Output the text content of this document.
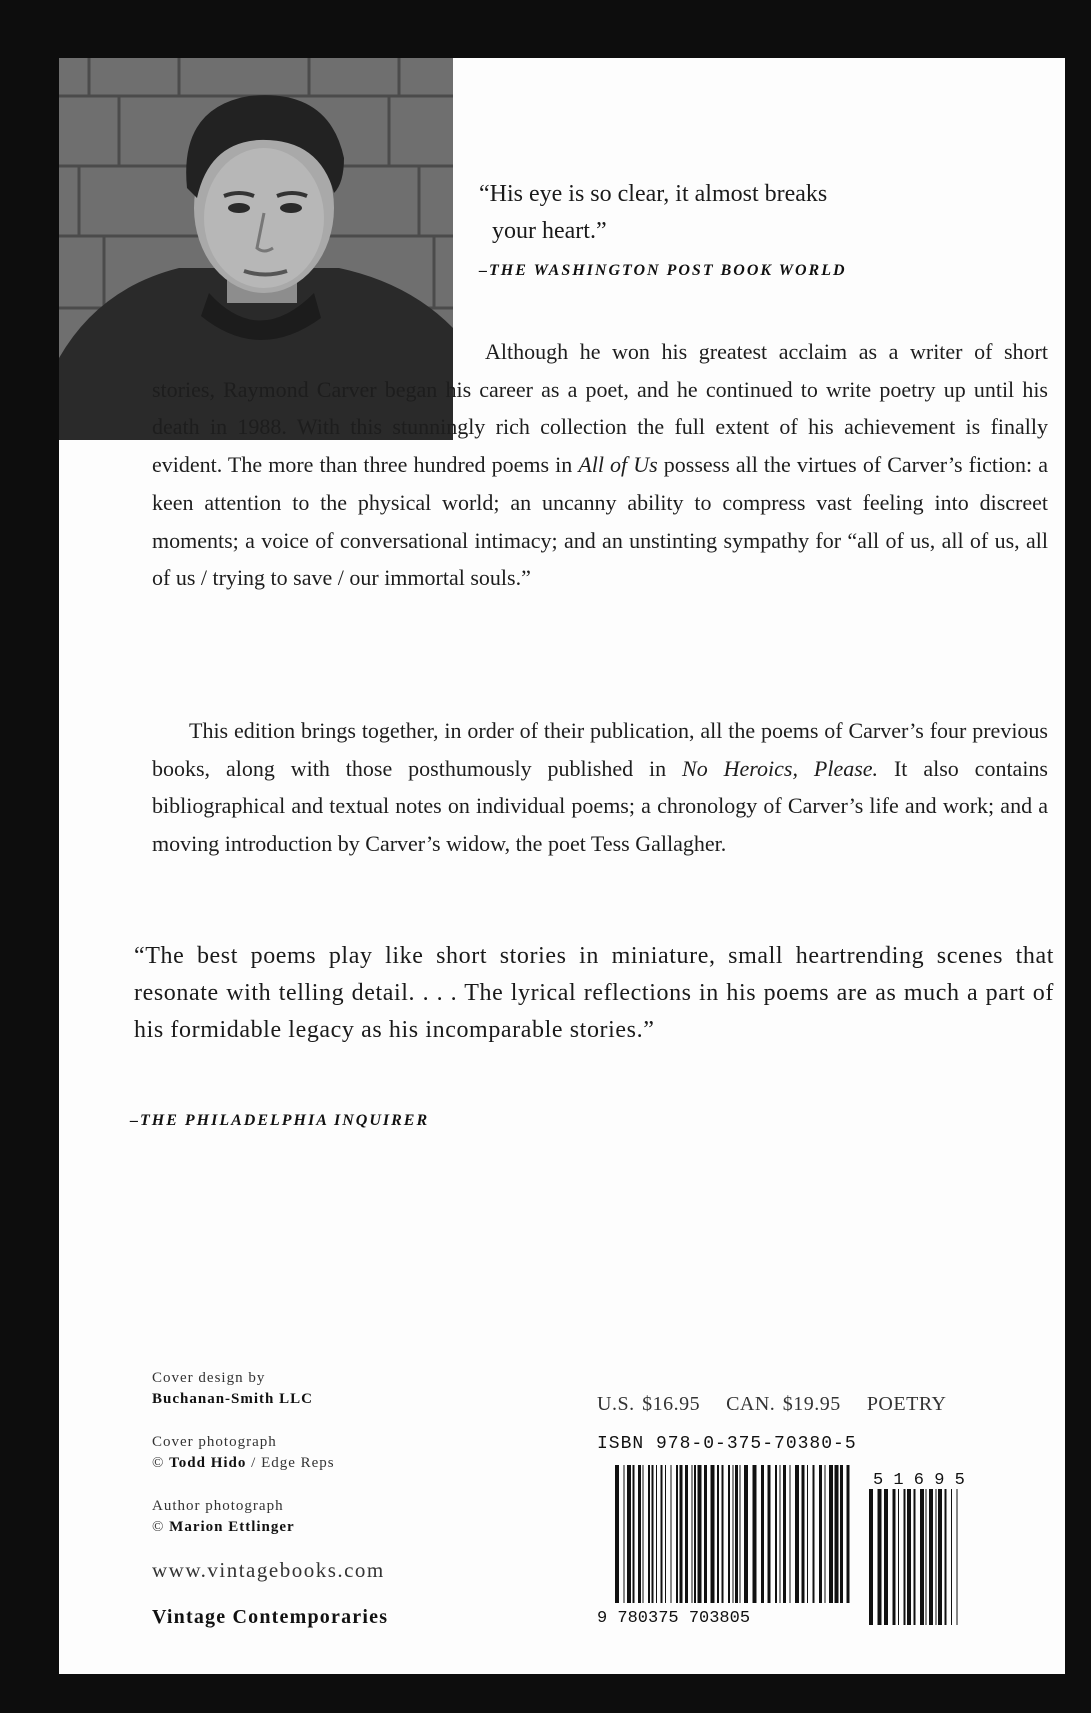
“His eye is so clear, it almost breaks
your heart.”
–THE WASHINGTON POST BOOK WORLD

Although he won his greatest acclaim as a writer of short stories, Raymond Carver began his career as a poet, and he continued to write poetry up until his death in 1988. With this stunningly rich collection the full extent of his achievement is finally evident. The more than three hundred poems in All of Us possess all the virtues of Carver’s fiction: a keen attention to the physical world; an uncanny ability to compress vast feeling into discreet moments; a voice of conversational intimacy; and an unstinting sympathy for “all of us, all of us, all of us / trying to save / our immortal souls.”

This edition brings together, in order of their publication, all the poems of Carver’s four previous books, along with those posthumously published in No Heroics, Please. It also contains bibliographical and textual notes on individual poems; a chronology of Carver’s life and work; and a moving introduction by Carver’s widow, the poet Tess Gallagher.

“The best poems play like short stories in miniature, small heartrending scenes that resonate with telling detail. . . . The lyrical reflections in his poems are as much a part of his formidable legacy as his incomparable stories.”
–THE PHILADELPHIA INQUIRER
Cover design by
Buchanan-Smith LLC
Cover photograph
© Todd Hido / Edge Reps
Author photograph
© Marion Ettlinger
www.vintagebooks.com
Vintage Contemporaries
U.S. $16.95 CAN. $19.95 POETRY
ISBN 978-0-375-70380-5
9 780375 703805
5 1 6 9 5
